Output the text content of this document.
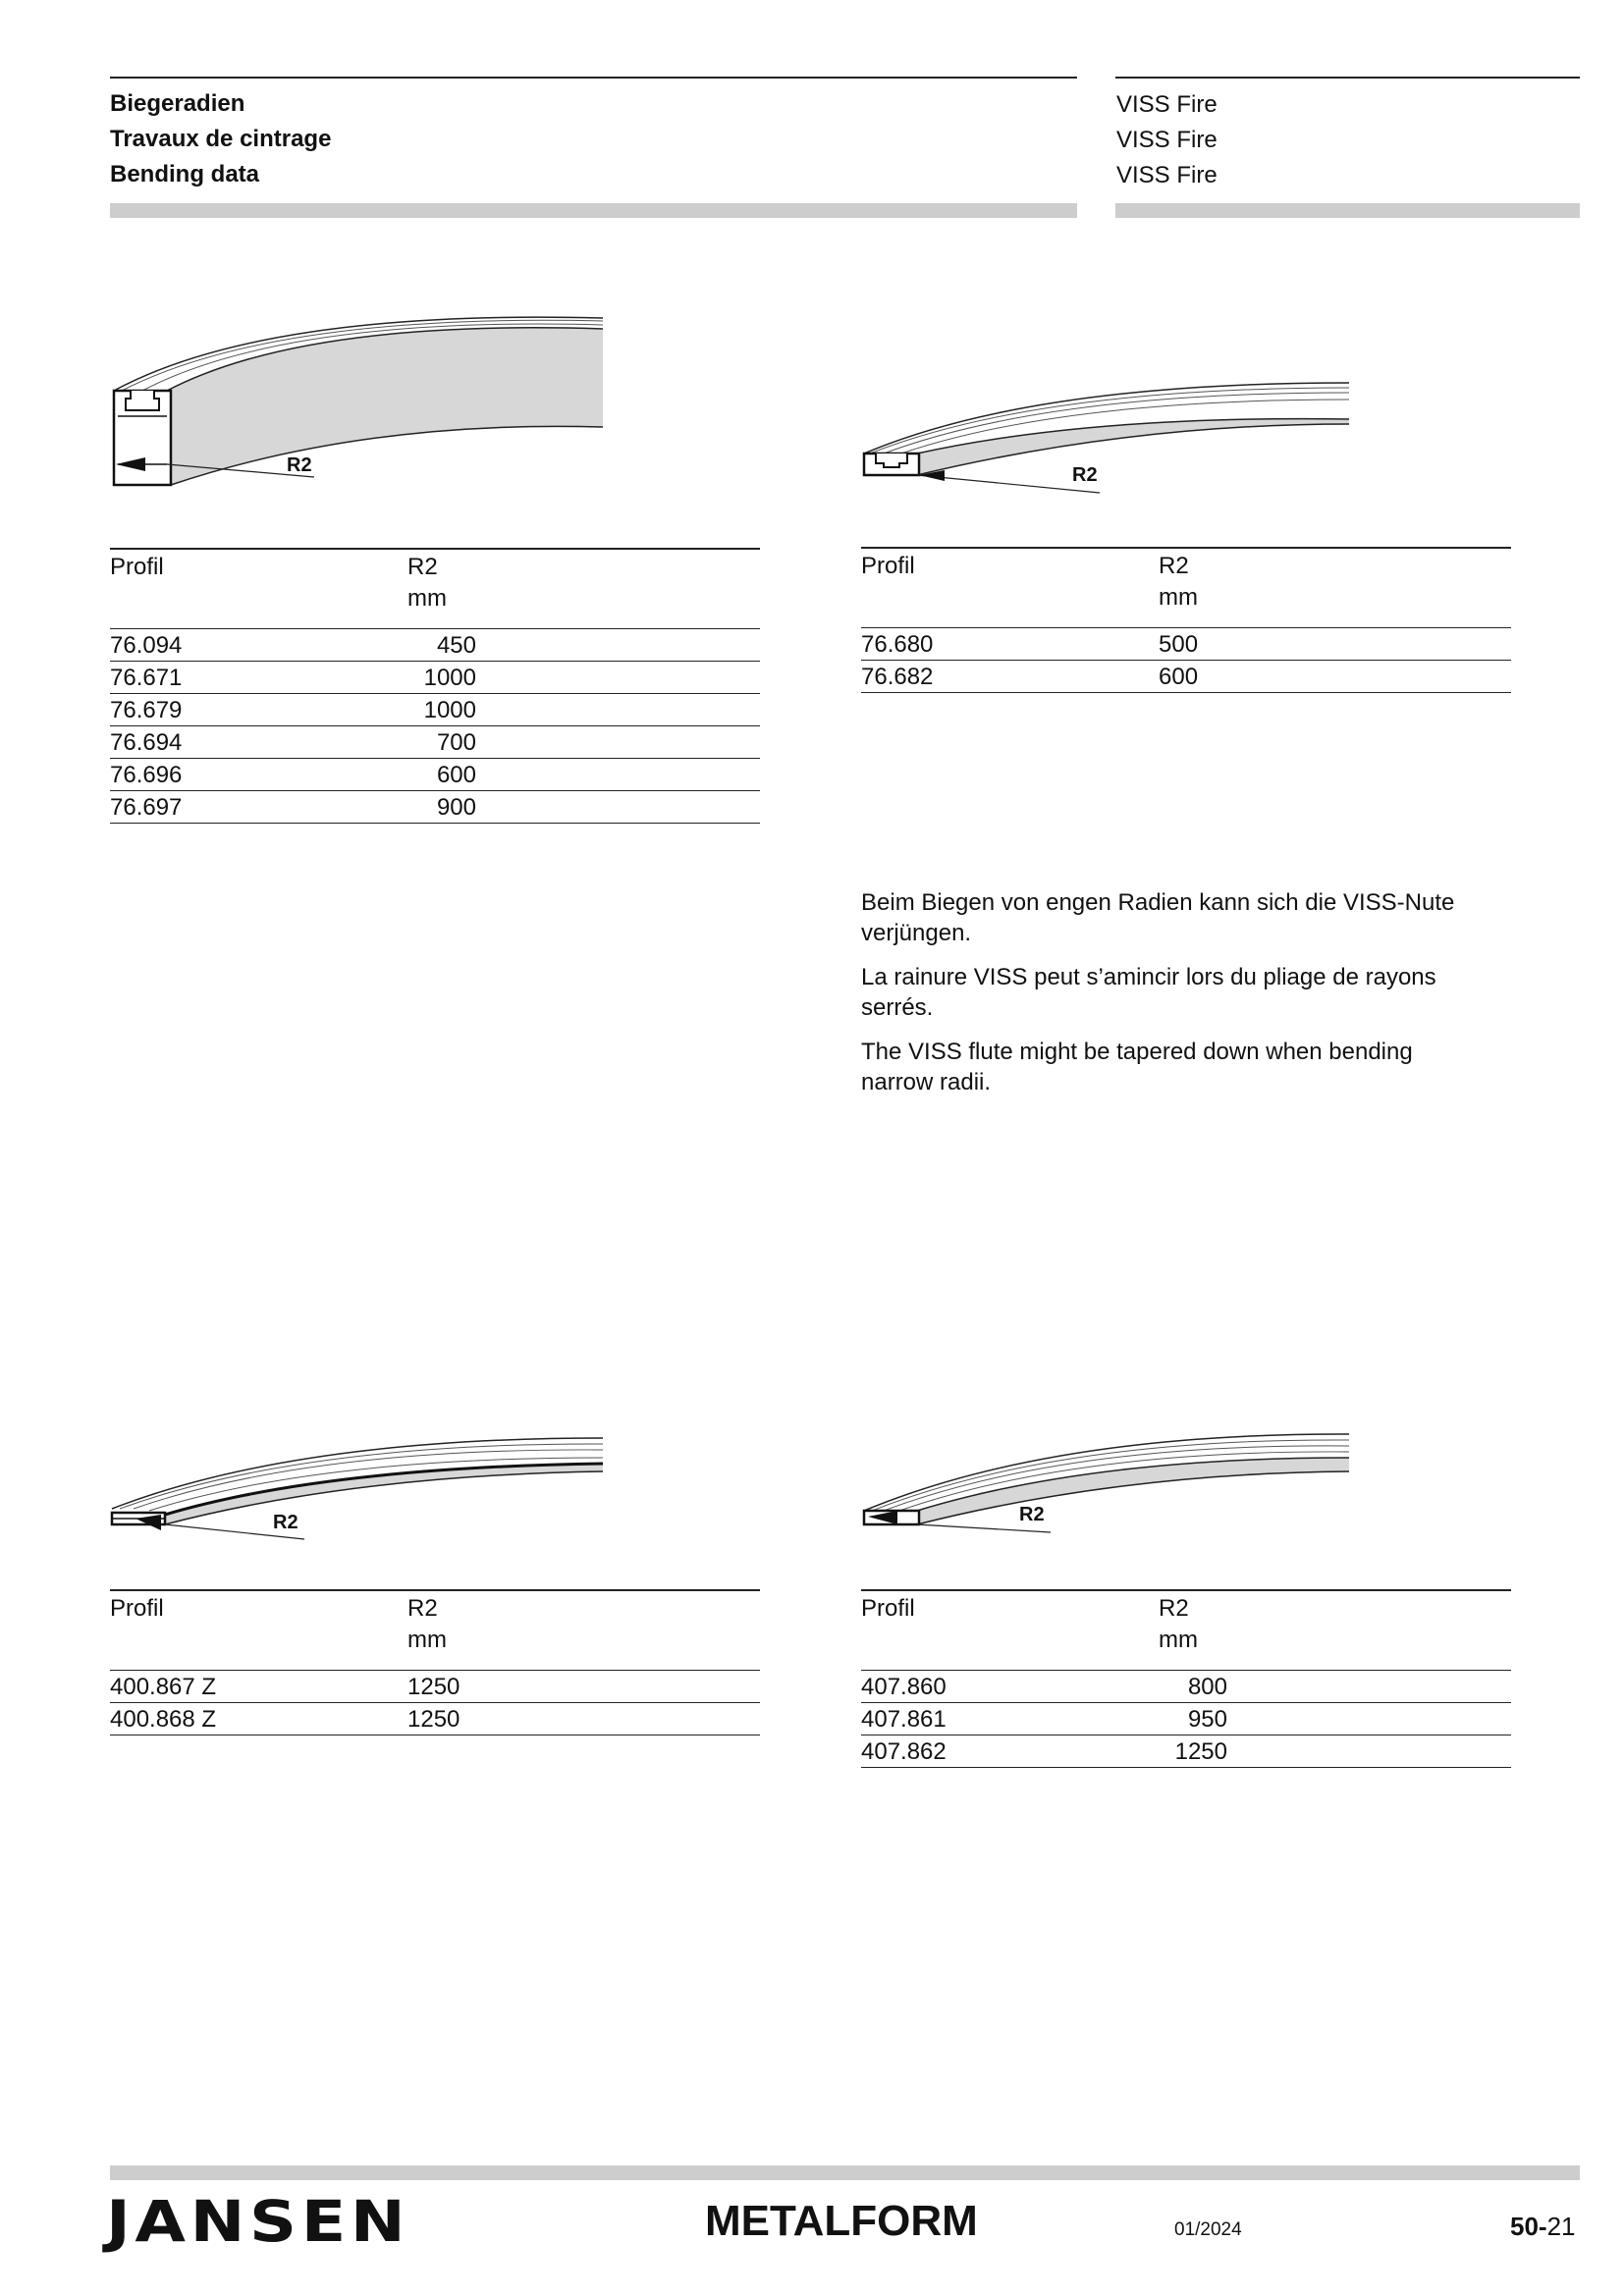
Biegeradien
Travaux de cintrage
Bending data
VISS Fire
VISS Fire
VISS Fire
R2	R2
Profil	R2
mm
76.094	450
76.671	1000
76.679	1000
76.694	700
76.696	600
76.697	900
Profil	R2
mm
76.680	500
76.682	600

Beim Biegen von engen Radien kann sich die VISS-Nute verjüngen.

La rainure VISS peut s’amincir lors du pliage de rayons serrés.

The VISS flute might be tapered down when bending narrow radii.

R2	R2
Profil	R2
mm
400.867 Z	1250
400.868 Z	1250
Profil	R2
mm
407.860	800
407.861	950
407.862	1250
JANSEN	METALFORM	01/2024	50-21
